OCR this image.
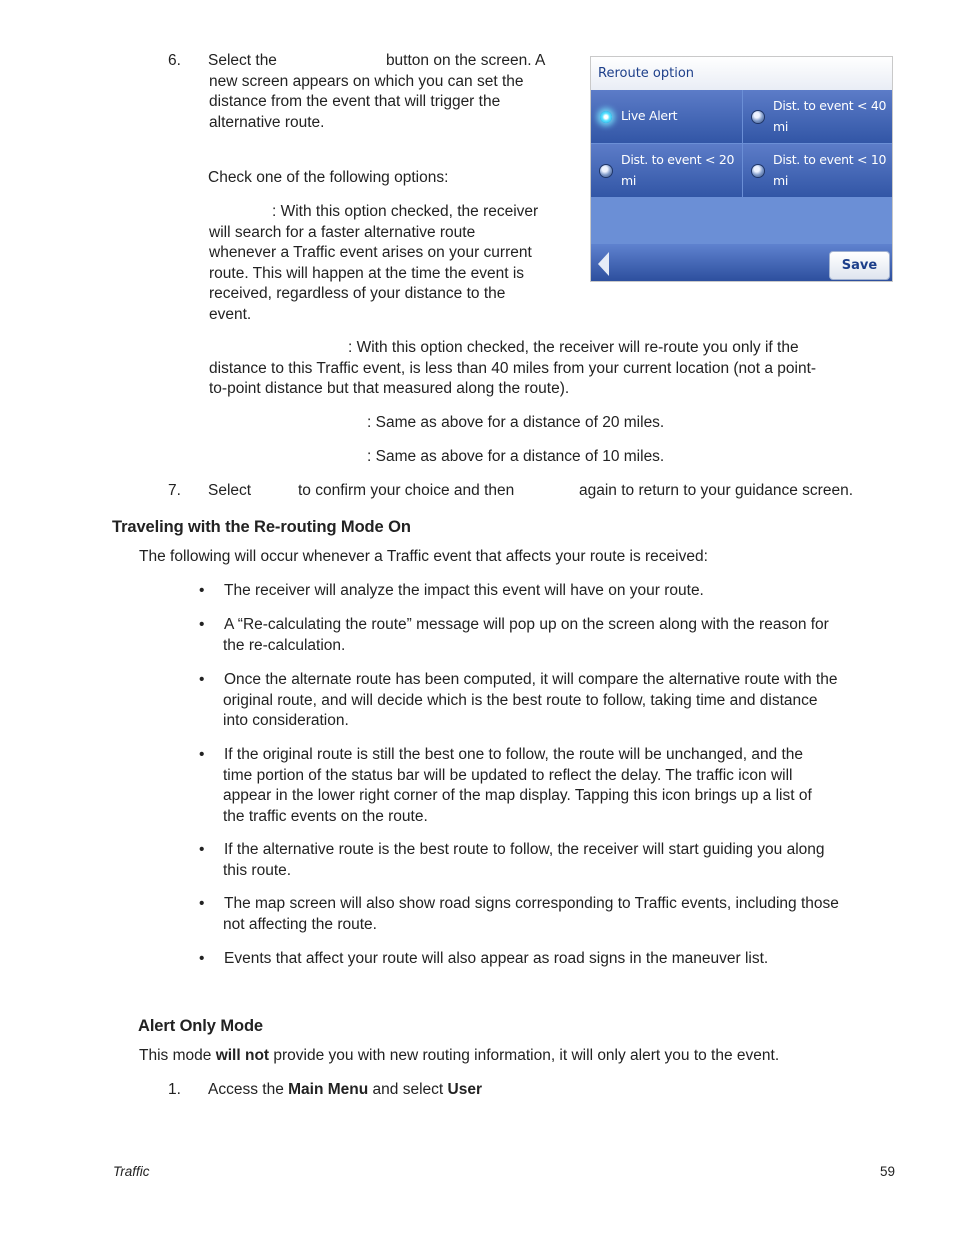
6. Select the	button on the screen. A
new screen appears on which you can set the
distance from the event that will trigger the
alternative route.
Check one of the following options:
: With this option checked, the receiver
will search for a faster alternative route
whenever a Traffic event arises on your current
route. This will happen at the time the event is
received, regardless of your distance to the
event.
Reroute option
Live Alert
Dist. to event < 40 mi
Dist. to event < 20 mi
Dist. to event < 10 mi
Save
: With this option checked, the receiver will re-route you only if the
distance to this Traffic event, is less than 40 miles from your current location (not a point-
to-point distance but that measured along the route).
: Same as above for a distance of 20 miles.
: Same as above for a distance of 10 miles.
7. Select	to confirm your choice and then	again to return to your guidance screen.
Traveling with the Re-routing Mode On
The following will occur whenever a Traffic event that affects your route is received:
• The receiver will analyze the impact this event will have on your route.
• A “Re-calculating the route” message will pop up on the screen along with the reason for
the re-calculation.
• Once the alternate route has been computed, it will compare the alternative route with the
original route, and will decide which is the best route to follow, taking time and distance
into consideration.
• If the original route is still the best one to follow, the route will be unchanged, and the
time portion of the status bar will be updated to reflect the delay. The traffic icon will
appear in the lower right corner of the map display. Tapping this icon brings up a list of
the traffic events on the route.
• If the alternative route is the best route to follow, the receiver will start guiding you along
this route.
• The map screen will also show road signs corresponding to Traffic events, including those
not affecting the route.
• Events that affect your route will also appear as road signs in the maneuver list.
Alert Only Mode
This mode will not provide you with new routing information, it will only alert you to the event.
1. Access the Main Menu and select User
Traffic	59
